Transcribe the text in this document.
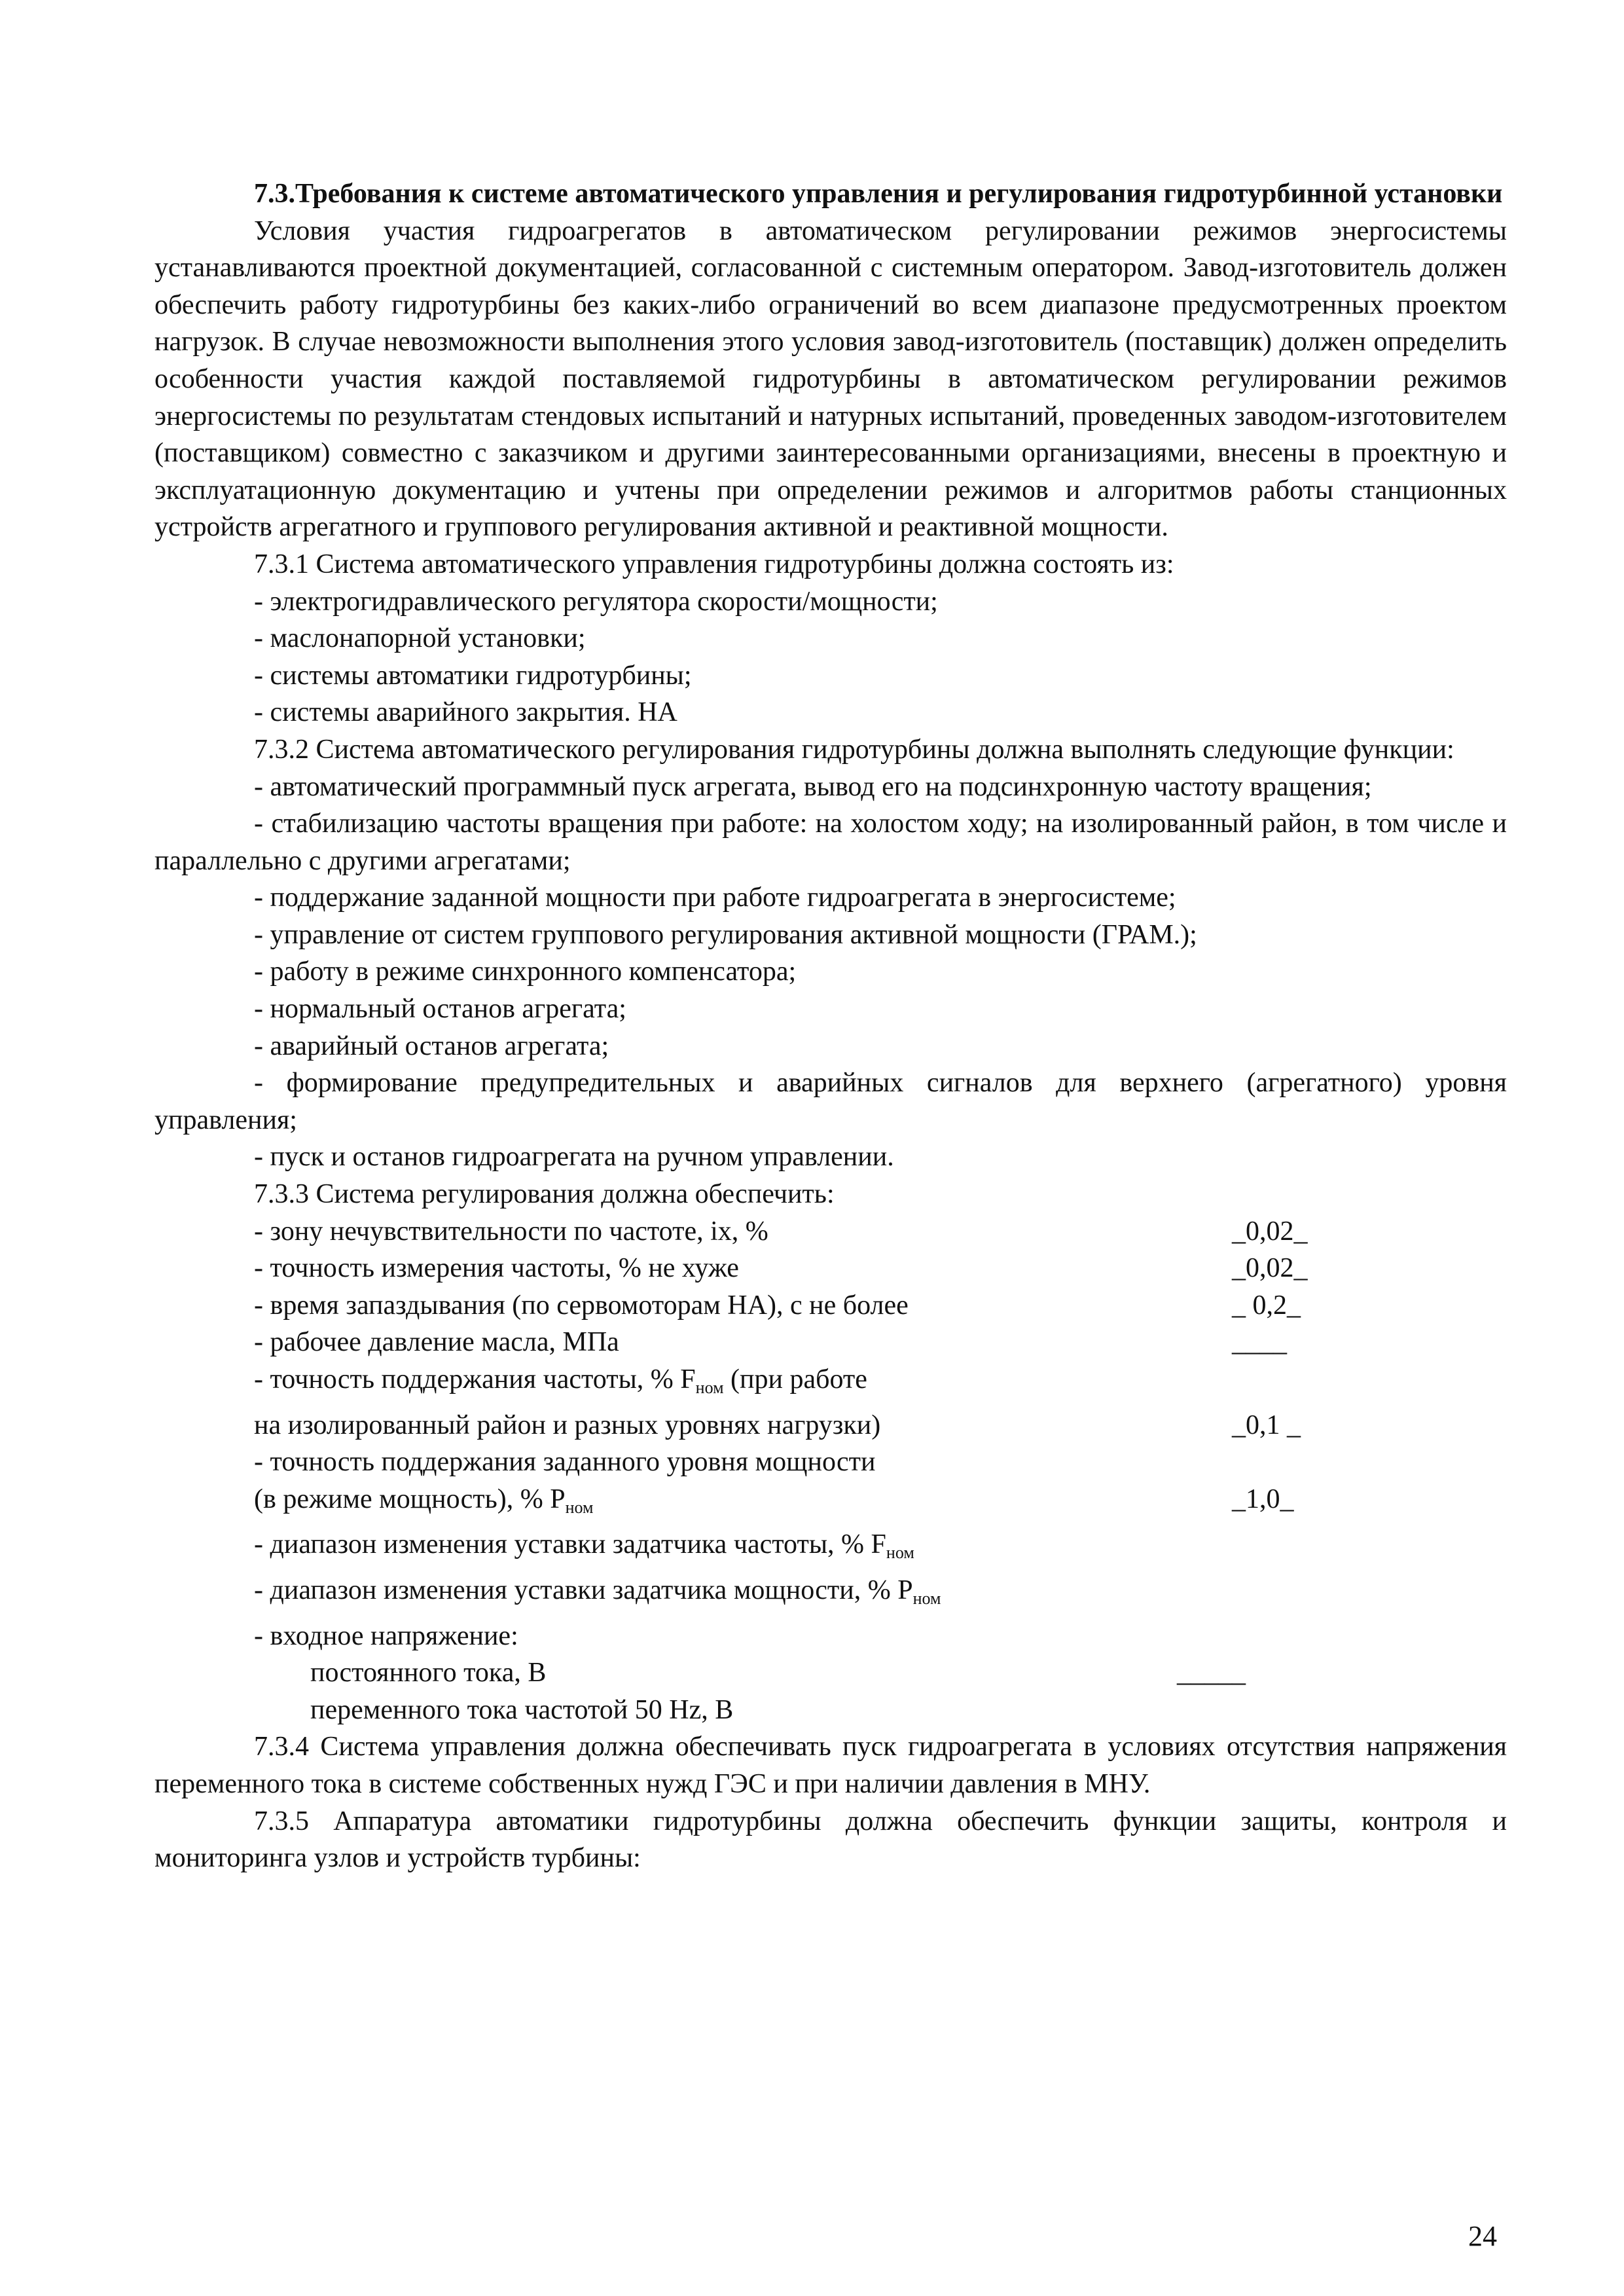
7.3.Требования к системе автоматического управления и регулирования гидротурбинной установки

Условия участия гидроагрегатов в автоматическом регулировании режимов энергосистемы устанавливаются проектной документацией, согласованной с системным оператором. Завод-изготовитель должен обеспечить работу гидротурбины без каких-либо ограничений во всем диапазоне предусмотренных проектом нагрузок. В случае невозможности выполнения этого условия завод-изготовитель (поставщик) должен определить особенности участия каждой поставляемой гидротурбины в автоматическом регулировании режимов энергосистемы по результатам стендовых испытаний и натурных испытаний, проведенных заводом-изготовителем (поставщиком) совместно с заказчиком и другими заинтересованными организациями, внесены в проектную и эксплуатационную документацию и учтены при определении режимов и алгоритмов работы станционных устройств агрегатного и группового регулирования активной и реактивной мощности.

7.3.1 Система автоматического управления гидротурбины должна состоять из:

- электрогидравлического регулятора скорости/мощности;

- маслонапорной установки;

- системы автоматики гидротурбины;

- системы аварийного закрытия. НА

7.3.2 Система автоматического регулирования гидротурбины должна выполнять следующие функции:

- автоматический программный пуск агрегата, вывод его на подсинхронную частоту вращения;

- стабилизацию частоты вращения при работе: на холостом ходу; на изолированный район, в том числе и параллельно с другими агрегатами;

- поддержание заданной мощности при работе гидроагрегата в энергосистеме;

- управление от систем группового регулирования активной мощности (ГРАМ.);

- работу в режиме синхронного компенсатора;

- нормальный останов агрегата;

- аварийный останов агрегата;

- формирование предупредительных и аварийных сигналов для верхнего (агрегатного) уровня управления;

- пуск и останов гидроагрегата на ручном управлении.

7.3.3 Система регулирования должна обеспечить:

- зону нечувствительности по частоте, ix, %	_0,02_
- точность измерения частоты, % не хуже	_0,02_
- время запаздывания (по сервомоторам НА), с не более	_ 0,2_
- рабочее давление масла, МПа	____
- точность поддержания частоты, % $F_{ном}$ (при работе
на изолированный район и разных уровнях нагрузки)	_0,1 _
- точность поддержания заданного уровня мощности
(в режиме мощность), % $P_{ном}$	_1,0_
- диапазон изменения уставки задатчика частоты, % $F_{ном}$
- диапазон изменения уставки задатчика мощности, % $P_{ном}$
- входное напряжение:
постоянного тока, В	_____
переменного тока частотой 50 Hz, В

7.3.4 Система управления должна обеспечивать пуск гидроагрегата в условиях отсутствия напряжения переменного тока в системе собственных нужд ГЭС и при наличии давления в МНУ.

7.3.5 Аппаратура автоматики гидротурбины должна обеспечить функции защиты, контроля и мониторинга узлов и устройств турбины:

24
